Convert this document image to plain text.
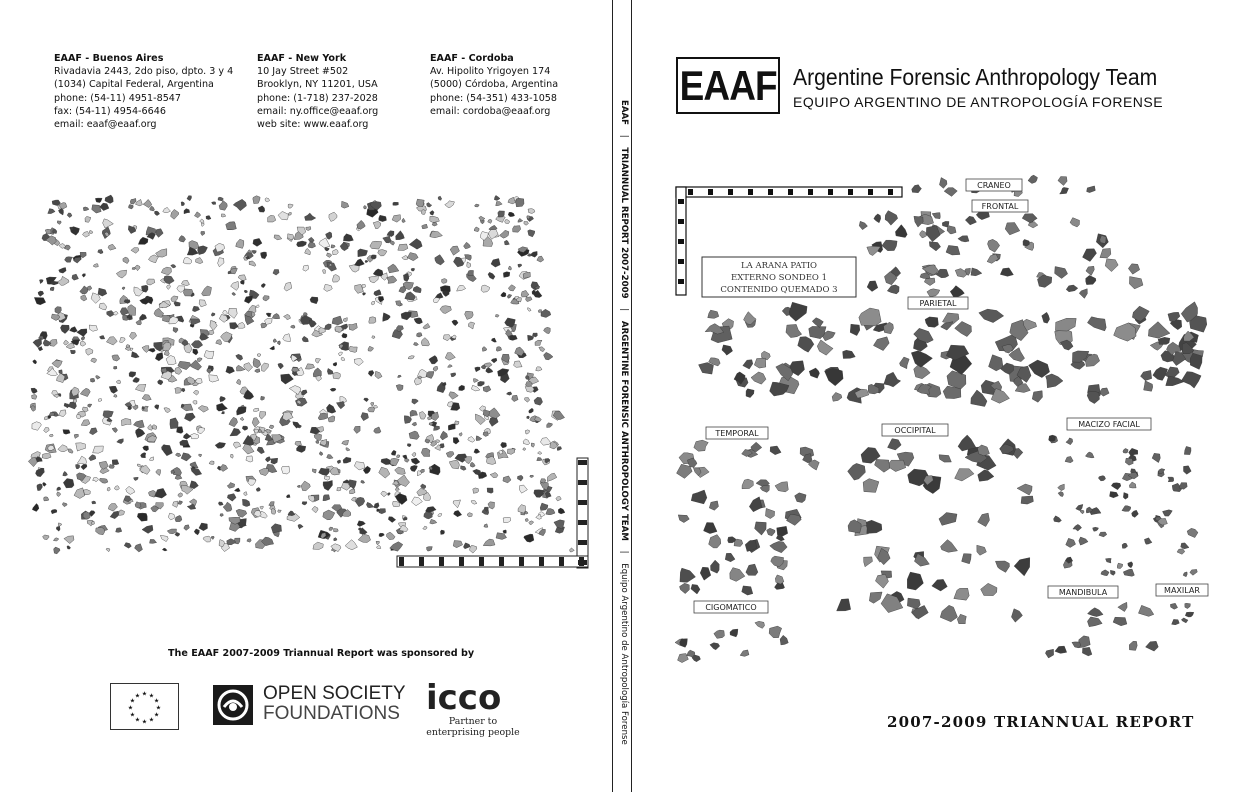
EAAF - Buenos Aires
Rivadavia 2443, 2do piso, dpto. 3 y 4
(1034) Capital Federal, Argentina
phone: (54-11) 4951-8547
fax: (54-11) 4954-6646
email: eaaf@eaaf.org
EAAF - New York
10 Jay Street #502
Brooklyn, NY 11201, USA
phone: (1-718) 237-2028
email: ny.office@eaaf.org
web site: www.eaaf.org
EAAF - Cordoba
Av. Hipolito Yrigoyen 174
(5000) Córdoba, Argentina
phone: (54-351) 433-1058
email: cordoba@eaaf.org
The EAAF 2007-2009 Triannual Report was sponsored by
★
★
★
★
★
★
★
★
★ ★ ★
★	OPEN SOCIETY
FOUNDATIONS icco
Partner to
enterprising people
EAAF | TRIANNUAL REPORT 2007-2009 | ARGENTINE FORENSIC ANTHROPOLOGY TEAM | Equipo Argentino de Antropología Forense
EAAF Argentine Forensic Anthropology Team
EQUIPO ARGENTINO DE ANTROPOLOGÍA FORENSE
LA ARANA PATIO
EXTERNO SONDEO 1
CONTENIDO QUEMADO 3
CRANEO
FRONTAL
PARIETAL
TEMPORAL	OCCIPITAL
MACIZO FACIAL
CIGOMATICO
MANDIBULA	MAXILAR
2007-2009 TRIANNUAL REPORT
